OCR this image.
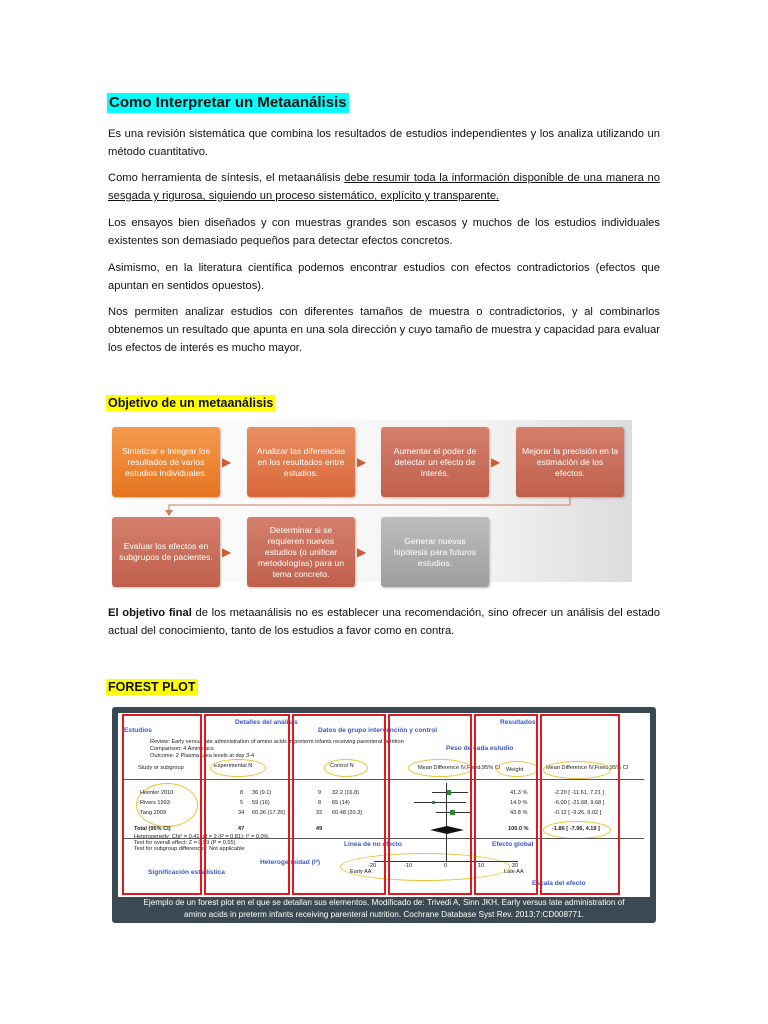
Como Interpretar un Metaanálisis
Es una revisión sistemática que combina los resultados de estudios independientes y los analiza utilizando un método cuantitativo.
Como herramienta de síntesis, el metaanálisis debe resumir toda la información disponible de una manera no sesgada y rigurosa, siguiendo un proceso sistemático, explícito y transparente.
Los ensayos bien diseñados y con muestras grandes son escasos y muchos de los estudios individuales existentes son demasiado pequeños para detectar efectos concretos.
Asimismo, en la literatura científica podemos encontrar estudios con efectos contradictorios (efectos que apuntan en sentidos opuestos).
Nos permiten analizar estudios con diferentes tamaños de muestra o contradictorios, y al combinarlos obtenemos un resultado que apunta en una sola dirección y cuyo tamaño de muestra y capacidad para evaluar los efectos de interés es mucho mayor.
Objetivo de un metaanálisis
Sintetizar e integrar los resultados de varios estudios individuales.
▶
Analizar las diferencias en los resultados entre estudios.
▶
Aumentar el poder de detectar un efecto de interés.
▶
Mejorar la precisión en la estimación de los efectos.
Evaluar los efectos en subgrupos de pacientes. ▶
Determinar si se requieren nuevos estudios (o unificar metodologías) para un tema concreto.
▶
Generar nuevas hipótesis para futuros estudios.
El objetivo final de los metaanálisis no es establecer una recomendación, sino ofrecer un análisis del estado actual del conocimiento, tanto de los estudios a favor como en contra.
FOREST PLOT
Estudios
Detalles del análisis
Datos de grupo intervención y control
Resultados
Peso de cada estudio
Review: Early versus late administration of amino acids in preterm infants receiving parenteral nutrition
Comparison: 4 Amino acs
Outcome: 2 Plasma urea levels at day 3-4
Study or subgroup	Experimental N	Control N	Mean Difference IV,Fixed,95% CI Weight	Mean Difference IV,Fixed,95% CI
Heimler 2010	8 36 (9.1)	9 32.2 (16.8)	41.3 %	-2.20 [ -11.61, 7.21 ]
Rivers 1993	5 59 (16)	8 65 (14)	14.9 %	-6.00 [ -21.68, 9.68 ]
Tang 2009	34 60.36 (17.26)	32 60.48 (20.3)	43.8 %	-0.12 [ -9.26, 9.02 ]
Total (95% CI)	47	49	100.0 %	-1.86 [ -7.96, 4.19 ]
Heterogeneity: Chi² = 0.41, df = 2 (P = 0.81); I² = 0.0%
Test for overall effect: Z = 0.59 (P = 0.55)
Test for subgroup differences: Not applicable
-20	-10	0	10	20
Early AA	Late AA
Línea de no efecto	Efecto global
Significación estadística
Heterogeneidad (I²)
Escala del efecto
Ejemplo de un forest plot en el que se detallan sus elementos. Modificado de: Trivedi A, Sinn JKH. Early versus late administration of
amino acids in preterm infants receiving parenteral nutrition. Cochrane Database Syst Rev. 2013;7:CD008771.
